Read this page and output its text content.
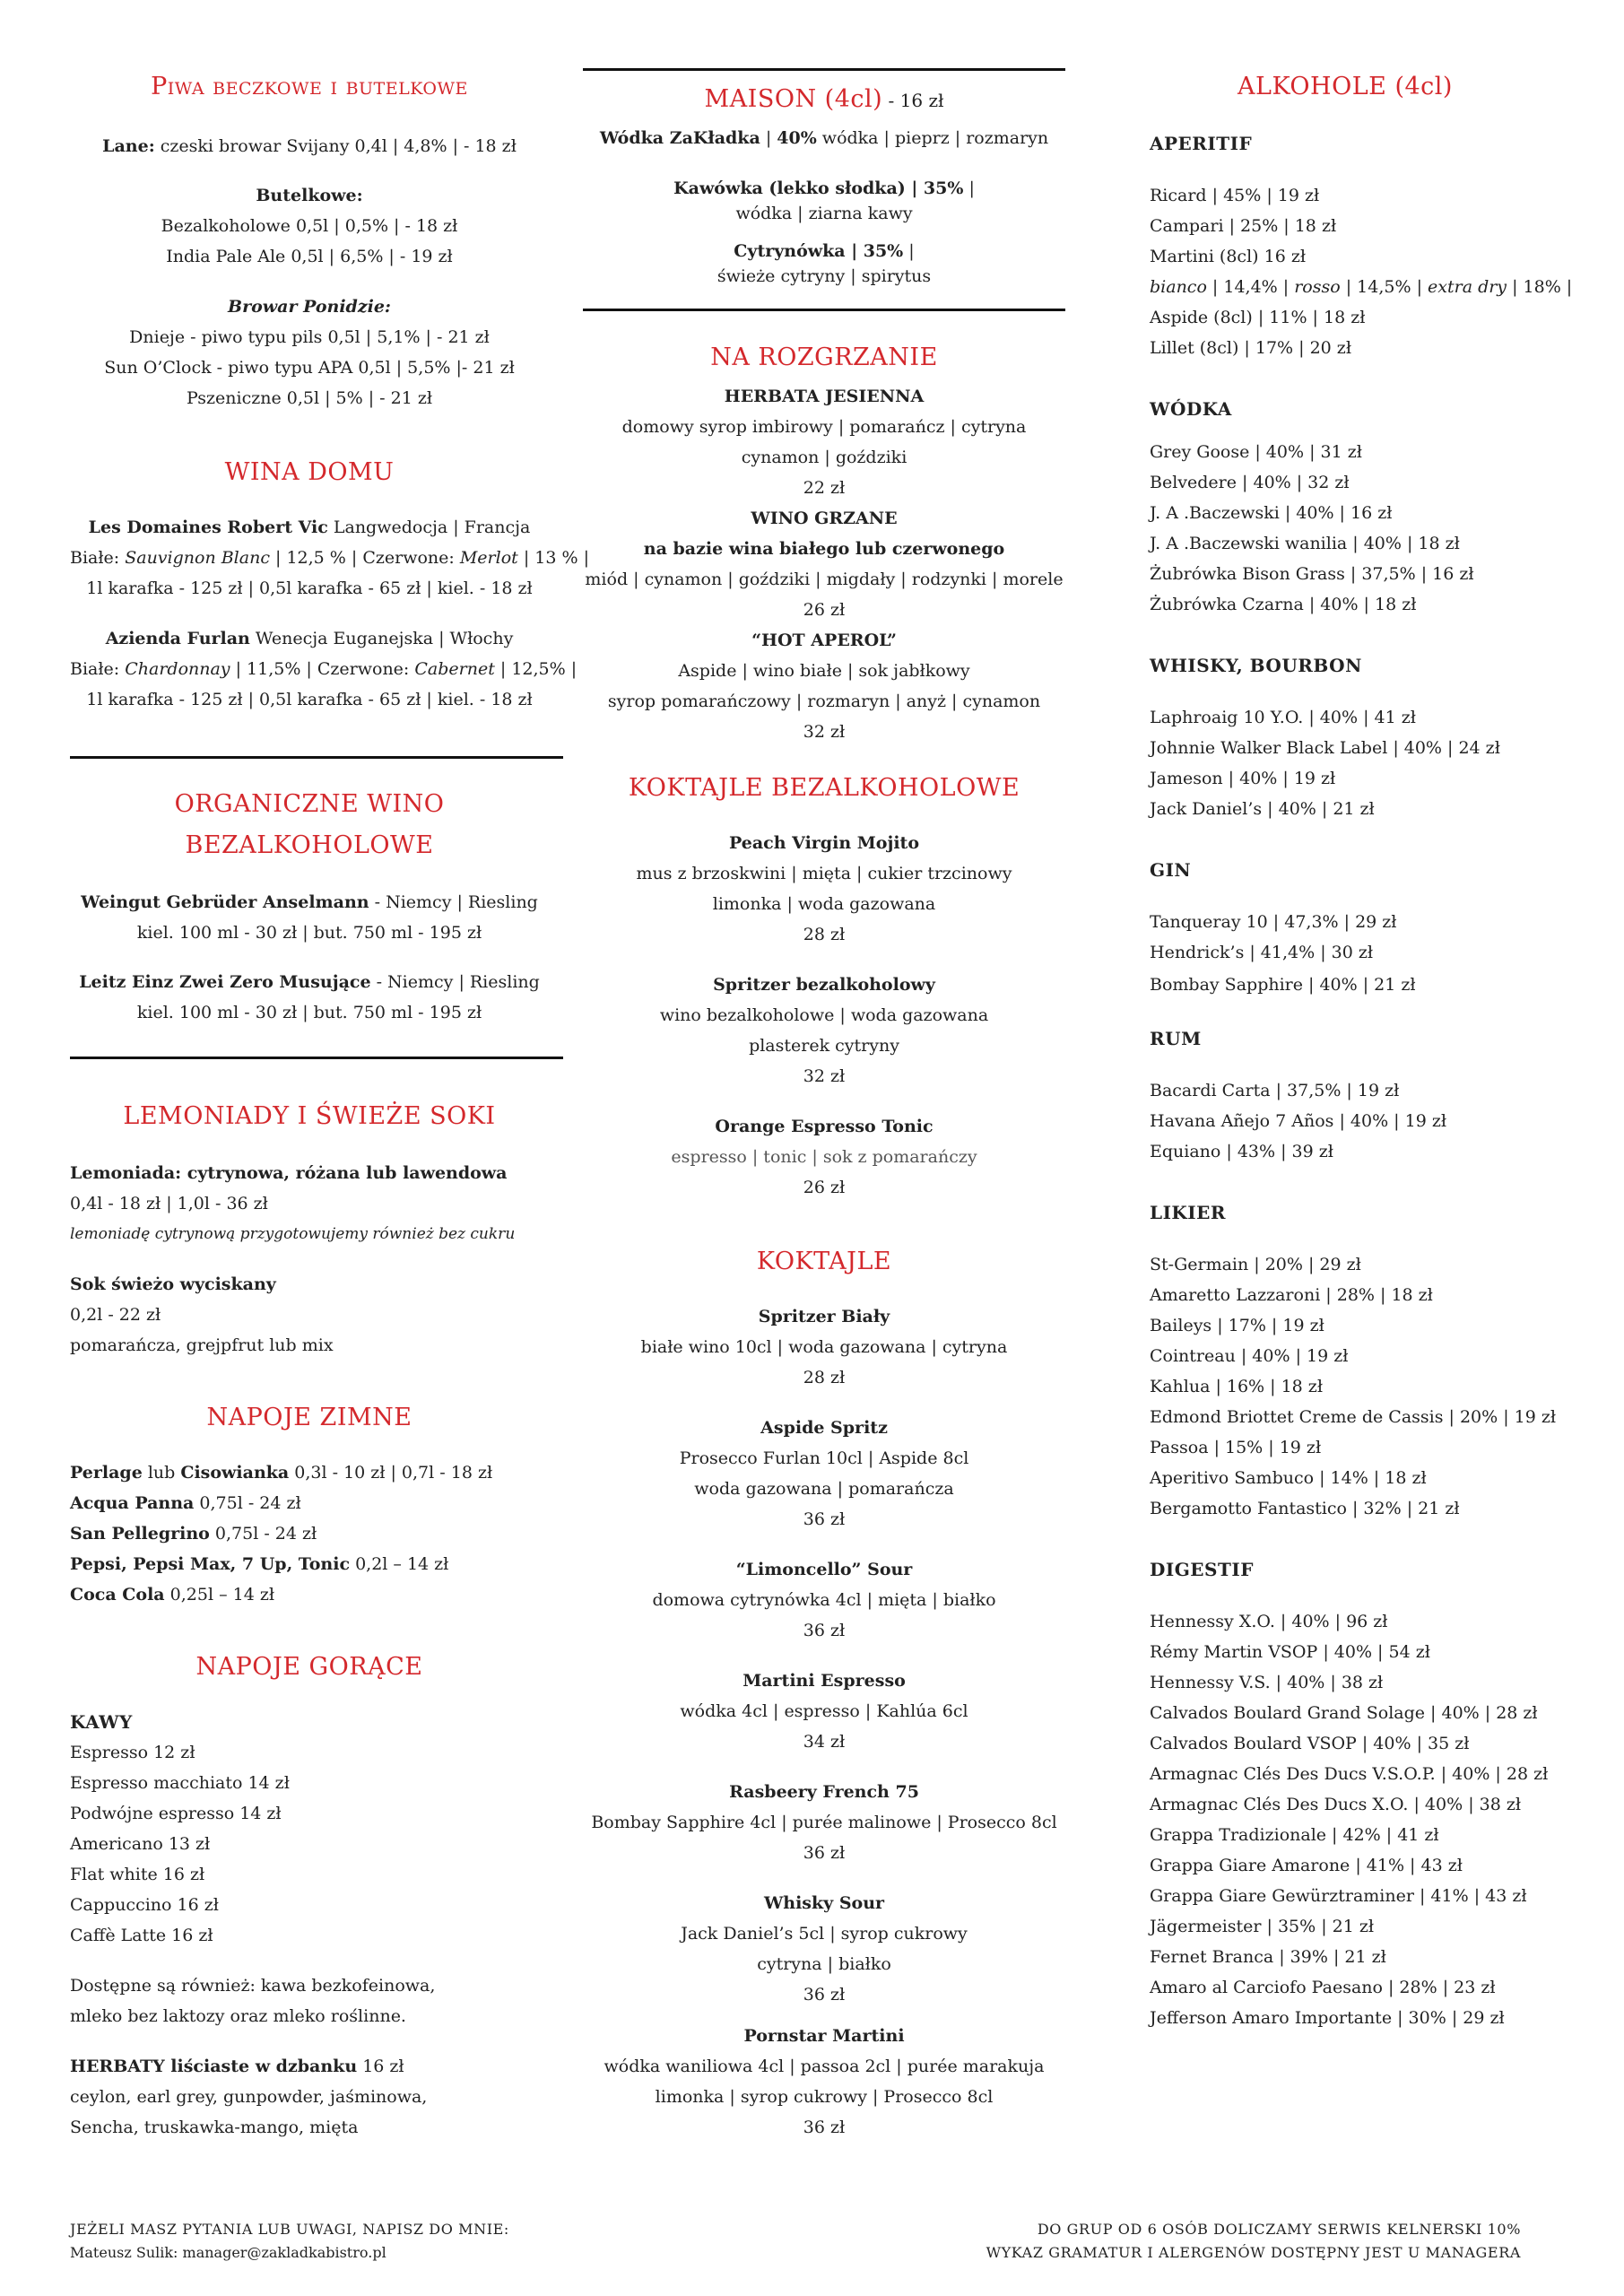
Piwa beczkowe i butelkowe
Lane: czeski browar Svijany 0,4l | 4,8% | - 18 zł
Butelkowe:
Bezalkoholowe 0,5l | 0,5% | - 18 zł
India Pale Ale 0,5l | 6,5% | - 19 zł
Browar Ponidzie:
Dnieje - piwo typu pils 0,5l | 5,1% | - 21 zł
Sun O’Clock - piwo typu APA 0,5l | 5,5% |- 21 zł
Pszeniczne 0,5l | 5% | - 21 zł
WINA DOMU
Les Domaines Robert Vic Langwedocja | Francja
Białe: Sauvignon Blanc | 12,5 % | Czerwone: Merlot | 13 % |
1l karafka - 125 zł | 0,5l karafka - 65 zł | kiel. - 18 zł
Azienda Furlan Wenecja Euganejska | Włochy
Białe: Chardonnay | 11,5% | Czerwone: Cabernet | 12,5% |
1l karafka - 125 zł | 0,5l karafka - 65 zł | kiel. - 18 zł
ORGANICZNE WINO
BEZALKOHOLOWE
Weingut Gebrüder Anselmann - Niemcy | Riesling
kiel. 100 ml - 30 zł | but. 750 ml - 195 zł
Leitz Einz Zwei Zero Musujące - Niemcy | Riesling
kiel. 100 ml - 30 zł | but. 750 ml - 195 zł
LEMONIADY I ŚWIEŻE SOKI
Lemoniada: cytrynowa, różana lub lawendowa
0,4l - 18 zł | 1,0l - 36 zł
lemoniadę cytrynową przygotowujemy również bez cukru
Sok świeżo wyciskany
0,2l - 22 zł
pomarańcza, grejpfrut lub mix
NAPOJE ZIMNE
Perlage lub Cisowianka 0,3l - 10 zł | 0,7l - 18 zł
Acqua Panna 0,75l - 24 zł
San Pellegrino 0,75l - 24 zł
Pepsi, Pepsi Max, 7 Up, Tonic 0,2l – 14 zł
Coca Cola 0,25l – 14 zł
NAPOJE GORĄCE
KAWY
Espresso 12 zł
Espresso macchiato 14 zł
Podwójne espresso 14 zł
Americano 13 zł
Flat white 16 zł
Cappuccino 16 zł
Caffè Latte 16 zł
Dostępne są również: kawa bezkofeinowa,
mleko bez laktozy oraz mleko roślinne.
HERBATY liściaste w dzbanku 16 zł
ceylon, earl grey, gunpowder, jaśminowa,
Sencha, truskawka-mango, mięta
MAISON (4cl) - 16 zł
Wódka ZaKładka | 40% wódka | pieprz | rozmaryn
Kawówka (lekko słodka) | 35% |
wódka | ziarna kawy
Cytrynówka | 35% |
świeże cytryny | spirytus
NA ROZGRZANIE
HERBATA JESIENNA
domowy syrop imbirowy | pomarańcz | cytryna
cynamon | goździki
22 zł
WINO GRZANE
na bazie wina białego lub czerwonego
miód | cynamon | goździki | migdały | rodzynki | morele
26 zł
“HOT APEROL”
Aspide | wino białe | sok jabłkowy
syrop pomarańczowy | rozmaryn | anyż | cynamon
32 zł
KOKTAJLE BEZALKOHOLOWE
Peach Virgin Mojito
mus z brzoskwini | mięta | cukier trzcinowy
limonka | woda gazowana
28 zł
Spritzer bezalkoholowy
wino bezalkoholowe | woda gazowana
plasterek cytryny
32 zł
Orange Espresso Tonic
espresso | tonic | sok z pomarańczy
26 zł
KOKTAJLE
Spritzer Biały
białe wino 10cl | woda gazowana | cytryna
28 zł
Aspide Spritz
Prosecco Furlan 10cl | Aspide 8cl
woda gazowana | pomarańcza
36 zł
“Limoncello” Sour
domowa cytrynówka 4cl | mięta | białko
36 zł
Martini Espresso
wódka 4cl | espresso | Kahlúa 6cl
34 zł
Rasbeery French 75
Bombay Sapphire 4cl | purée malinowe | Prosecco 8cl
36 zł
Whisky Sour
Jack Daniel’s 5cl | syrop cukrowy
cytryna | białko
36 zł
Pornstar Martini
wódka waniliowa 4cl | passoa 2cl | purée marakuja
limonka | syrop cukrowy | Prosecco 8cl
36 zł
ALKOHOLE (4cl)
APERITIF
Ricard | 45% | 19 zł
Campari | 25% | 18 zł
Martini (8cl) 16 zł
bianco | 14,4% | rosso | 14,5% | extra dry | 18% |
Aspide (8cl) | 11% | 18 zł
Lillet (8cl) | 17% | 20 zł
WÓDKA
Grey Goose | 40% | 31 zł
Belvedere | 40% | 32 zł
J. A .Baczewski | 40% | 16 zł
J. A .Baczewski wanilia | 40% | 18 zł
Żubrówka Bison Grass | 37,5% | 16 zł
Żubrówka Czarna | 40% | 18 zł
WHISKY, BOURBON
Laphroaig 10 Y.O. | 40% | 41 zł
Johnnie Walker Black Label | 40% | 24 zł
Jameson | 40% | 19 zł
Jack Daniel’s | 40% | 21 zł
GIN
Tanqueray 10 | 47,3% | 29 zł
Hendrick’s | 41,4% | 30 zł
Bombay Sapphire | 40% | 21 zł
RUM
Bacardi Carta | 37,5% | 19 zł
Havana Añejo 7 Años | 40% | 19 zł
Equiano | 43% | 39 zł
LIKIER
St-Germain | 20% | 29 zł
Amaretto Lazzaroni | 28% | 18 zł
Baileys | 17% | 19 zł
Cointreau | 40% | 19 zł
Kahlua | 16% | 18 zł
Edmond Briottet Creme de Cassis | 20% | 19 zł
Passoa | 15% | 19 zł
Aperitivo Sambuco | 14% | 18 zł
Bergamotto Fantastico | 32% | 21 zł
DIGESTIF
Hennessy X.O. | 40% | 96 zł
Rémy Martin VSOP | 40% | 54 zł
Hennessy V.S. | 40% | 38 zł
Calvados Boulard Grand Solage | 40% | 28 zł
Calvados Boulard VSOP | 40% | 35 zł
Armagnac Clés Des Ducs V.S.O.P. | 40% | 28 zł
Armagnac Clés Des Ducs X.O. | 40% | 38 zł
Grappa Tradizionale | 42% | 41 zł
Grappa Giare Amarone | 41% | 43 zł
Grappa Giare Gewürztraminer | 41% | 43 zł
Jägermeister | 35% | 21 zł
Fernet Branca | 39% | 21 zł
Amaro al Carciofo Paesano | 28% | 23 zł
Jefferson Amaro Importante | 30% | 29 zł
JEŻELI MASZ PYTANIA LUB UWAGI, NAPISZ DO MNIE:
Mateusz Sulik: manager@zakladkabistro.pl
DO GRUP OD 6 OSÓB DOLICZAMY SERWIS KELNERSKI 10%
WYKAZ GRAMATUR I ALERGENÓW DOSTĘPNY JEST U MANAGERA
